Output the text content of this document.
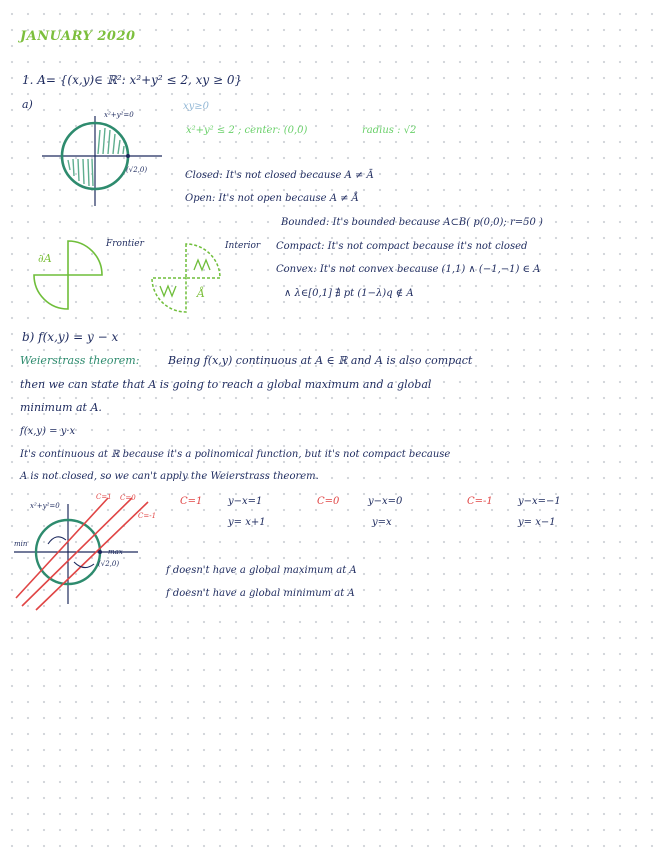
JANUARY 2020
1. A= {(x,y)∈ ℝ²: x²+y² ≤ 2, xy ≥ 0}
a)
x²+y²=0
(√2,0)
xy≥0
x²+y² ≤ 2 ; center: (0,0)	radius : √2
Closed: It's not closed because A ≠ Ā
Open: It's not open because A ≠ Å
Bounded: It's bounded because A⊂B( p(0,0); r=50 )
∂A
Frontier
Å
Interior Compact: It's not compact because it's not closed
Convex: It's not convex because (1,1) ∧ (−1,−1) ∈ A
∧ λ∈[0,1] ∄ pt (1−λ)q ∉ A
b) f(x,y) = y − x
Weierstrass theorem:	Being f(x,y) continuous at A ∈ ℝ and A is also compact
then we can state that A is going to reach a global maximum and a global
minimum at A.
f(x,y) = y·x
It's continuous at ℝ because it's a polinomical function, but it's not compact because
A is not closed, so we can't apply the Weierstrass theorem.
x²+y²=0
C=1 C=0
C=-1
min
max
(√2,0)
C=1	y−x=1
y= x+1
C=0	y−x=0
y=x
C=-1	y−x=−1
y= x−1
f doesn't have a global maximum at A
f doesn't have a global minimum at A
